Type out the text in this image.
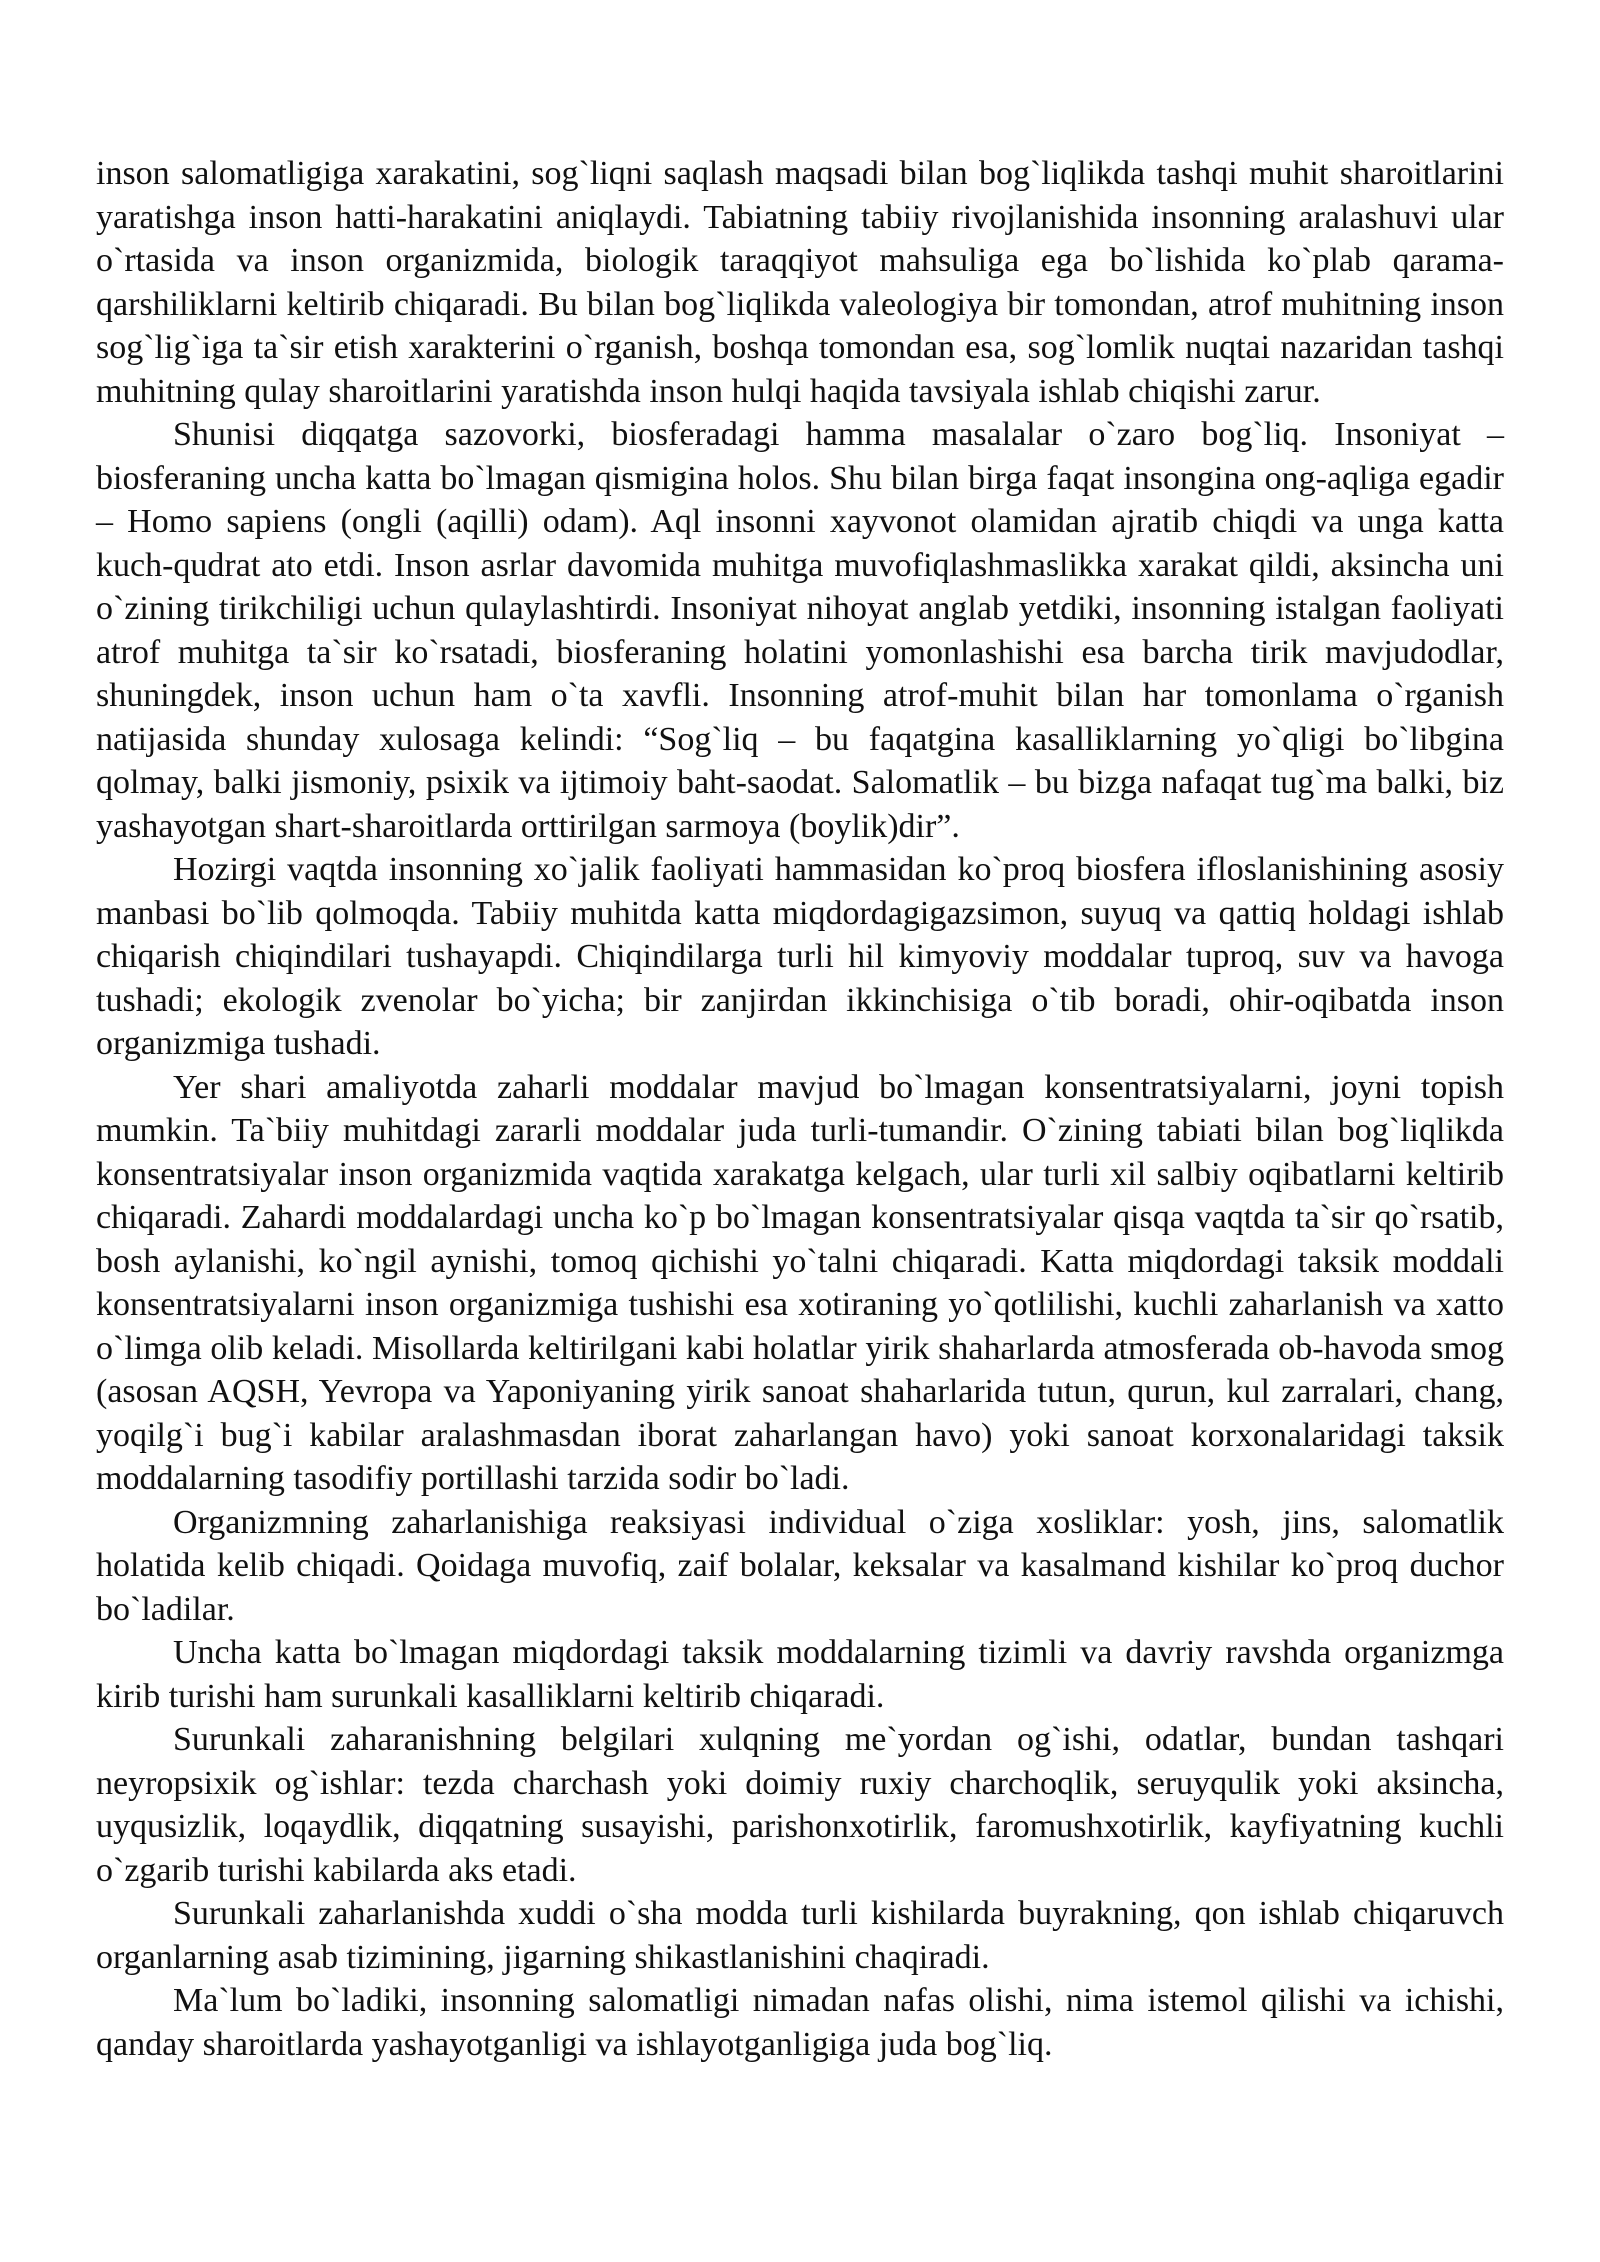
inson salomatligiga xarakatini, sog`liqni saqlash maqsadi bilan bog`liqlikda tashqi muhit sharoitlarini yaratishga inson hatti-harakatini aniqlaydi. Tabiatning tabiiy rivojlanishida insonning aralashuvi ular o`rtasida va inson organizmida, biologik taraqqiyot mahsuliga ega bo`lishida ko`plab qarama-qarshiliklarni keltirib chiqaradi. Bu bilan bog`liqlikda valeologiya bir tomondan, atrof muhitning inson sog`lig`iga ta`sir etish xarakterini o`rganish, boshqa tomondan esa, sog`lomlik nuqtai nazaridan tashqi muhitning qulay sharoitlarini yaratishda inson hulqi haqida tavsiyala ishlab chiqishi zarur.

Shunisi diqqatga sazovorki, biosferadagi hamma masalalar o`zaro bog`liq. Insoniyat – biosferaning uncha katta bo`lmagan qismigina holos. Shu bilan birga faqat insongina ong-aqliga egadir – Homo sapiens (ongli (aqilli) odam). Aql insonni xayvonot olamidan ajratib chiqdi va unga katta kuch-qudrat ato etdi. Inson asrlar davomida muhitga muvofiqlashmaslikka xarakat qildi, aksincha uni o`zining tirikchiligi uchun qulaylashtirdi. Insoniyat nihoyat anglab yetdiki, insonning istalgan faoliyati atrof muhitga ta`sir ko`rsatadi, biosferaning holatini yomonlashishi esa barcha tirik mavjudodlar, shuningdek, inson uchun ham o`ta xavfli. Insonning atrof-muhit bilan har tomonlama o`rganish natijasida shunday xulosaga kelindi: “Sog`liq – bu faqatgina kasalliklarning yo`qligi bo`libgina qolmay, balki jismoniy, psixik va ijtimoiy baht-saodat. Salomatlik – bu bizga nafaqat tug`ma balki, biz yashayotgan shart-sharoitlarda orttirilgan sarmoya (boylik)dir”.

Hozirgi vaqtda insonning xo`jalik faoliyati hammasidan ko`proq biosfera ifloslanishining asosiy manbasi bo`lib qolmoqda. Tabiiy muhitda katta miqdordagigazsimon, suyuq va qattiq holdagi ishlab chiqarish chiqindilari tushayapdi. Chiqindilarga turli hil kimyoviy moddalar tuproq, suv va havoga tushadi; ekologik zvenolar bo`yicha; bir zanjirdan ikkinchisiga o`tib boradi, ohir-oqibatda inson organizmiga tushadi.

Yer shari amaliyotda zaharli moddalar mavjud bo`lmagan konsentratsiyalarni, joyni topish mumkin. Ta`biiy muhitdagi zararli moddalar juda turli-tumandir. O`zining tabiati bilan bog`liqlikda konsentratsiyalar inson organizmida vaqtida xarakatga kelgach, ular turli xil salbiy oqibatlarni keltirib chiqaradi. Zahardi moddalardagi uncha ko`p bo`lmagan konsentratsiyalar qisqa vaqtda ta`sir qo`rsatib, bosh aylanishi, ko`ngil aynishi, tomoq qichishi yo`talni chiqaradi. Katta miqdordagi taksik moddali konsentratsiyalarni inson organizmiga tushishi esa xotiraning yo`qotlilishi, kuchli zaharlanish va xatto o`limga olib keladi. Misollarda keltirilgani kabi holatlar yirik shaharlarda atmosferada ob-havoda smog (asosan AQSH, Yevropa va Yaponiyaning yirik sanoat shaharlarida tutun, qurun, kul zarralari, chang, yoqilg`i bug`i kabilar aralashmasdan iborat zaharlangan havo) yoki sanoat korxonalaridagi taksik moddalarning tasodifiy portillashi tarzida sodir bo`ladi.

Organizmning zaharlanishiga reaksiyasi individual o`ziga xosliklar: yosh, jins, salomatlik holatida kelib chiqadi. Qoidaga muvofiq, zaif bolalar, keksalar va kasalmand kishilar ko`proq duchor bo`ladilar.

Uncha katta bo`lmagan miqdordagi taksik moddalarning tizimli va davriy ravshda organizmga kirib turishi ham surunkali kasalliklarni keltirib chiqaradi.

Surunkali zaharanishning belgilari xulqning me`yordan og`ishi, odatlar, bundan tashqari neyropsixik og`ishlar: tezda charchash yoki doimiy ruxiy charchoqlik, seruyqulik yoki aksincha, uyqusizlik, loqaydlik, diqqatning susayishi, parishonxotirlik, faromushxotirlik, kayfiyatning kuchli o`zgarib turishi kabilarda aks etadi.

Surunkali zaharlanishda xuddi o`sha modda turli kishilarda buyrakning, qon ishlab chiqaruvch organlarning asab tizimining, jigarning shikastlanishini chaqiradi.

Ma`lum bo`ladiki, insonning salomatligi nimadan nafas olishi, nima istemol qilishi va ichishi, qanday sharoitlarda yashayotganligi va ishlayotganligiga juda bog`liq.
